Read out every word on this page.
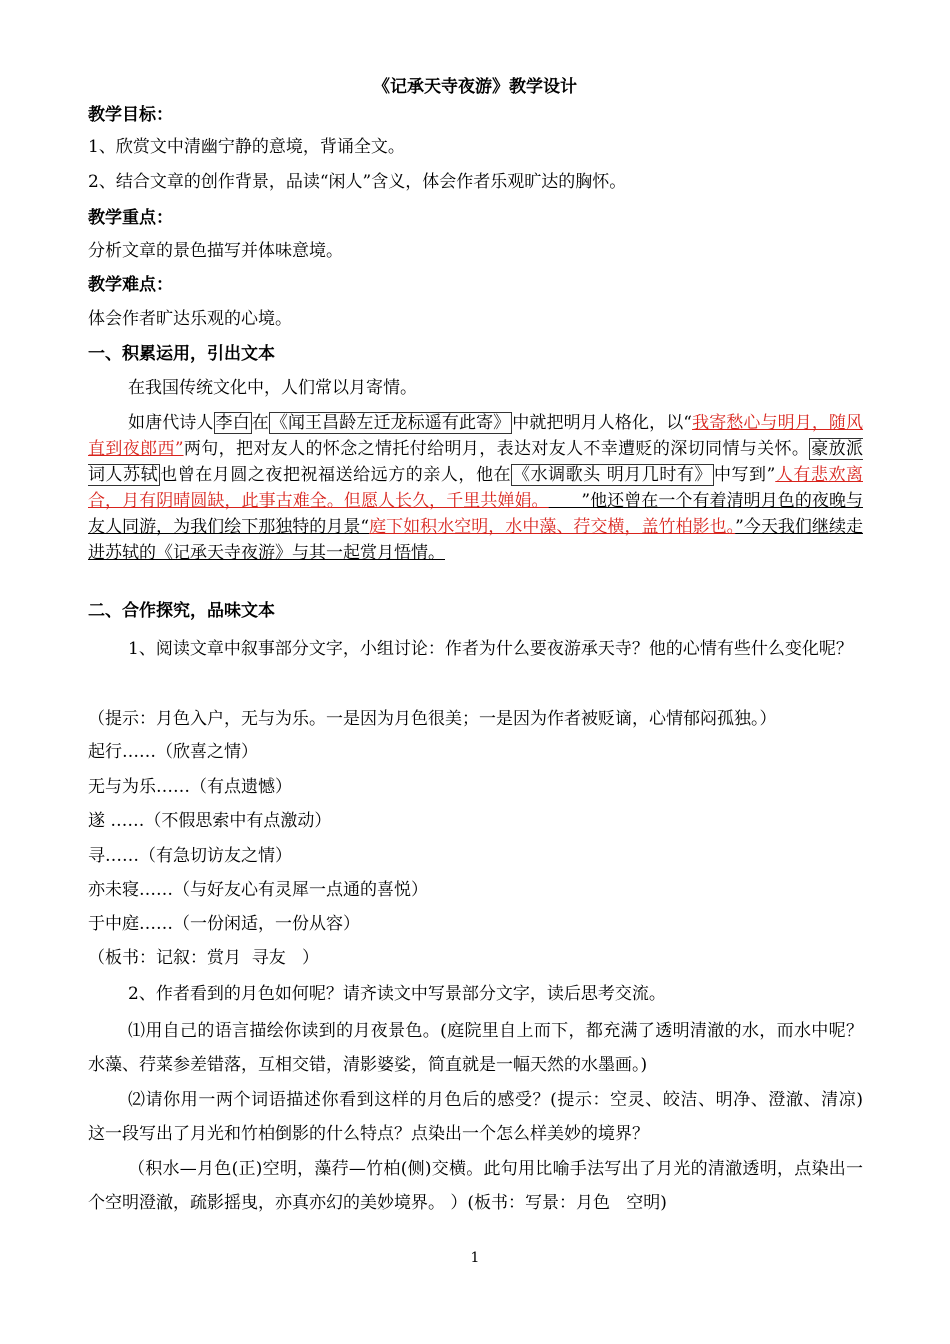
《记承天寺夜游》教学设计
教学目标：
1、欣赏文中清幽宁静的意境，背诵全文。
2、结合文章的创作背景，品读“闲人”含义，体会作者乐观旷达的胸怀。
教学重点：
分析文章的景色描写并体味意境。
教学难点：
体会作者旷达乐观的心境。
一、积累运用，引出文本
在我国传统文化中，人们常以月寄情。

如唐代诗人 李白 在 《闻王昌龄左迁龙标遥有此寄》 中就把明月人格化，以“我寄愁心与明月，随风直到夜郎西”两句，把对友人的怀念之情托付给明月，表达对友人不幸遭贬的深切同情与关怀。 豪放派词人苏轼 也曾在月圆之夜把祝福送给远方的亲人，他在 《水调歌头 明月几时有》 中写到”人有悲欢离合，月有阴晴圆缺，此事古难全。但愿人长久，千里共婵娟。      ”他还曾在一个有着清明月色的夜晚与友人同游，为我们绘下那独特的月景“庭下如积水空明，水中藻、荇交横，盖竹柏影也。”今天我们继续走进苏轼的《记承天寺夜游》与其一起赏月悟情。

二、合作探究，品味文本

1、阅读文章中叙事部分文字，小组讨论：作者为什么要夜游承天寺？他的心情有些什么变化呢？

（提示：月色入户，无与为乐。一是因为月色很美；一是因为作者被贬谪，心情郁闷孤独。）
起行……（欣喜之情）
无与为乐……（有点遗憾）
遂 ……（不假思索中有点激动）
寻……（有急切访友之情）
亦未寝……（与好友心有灵犀一点通的喜悦）
于中庭……（一份闲适，一份从容）
（板书：记叙：赏月  寻友   ）
2、作者看到的月色如何呢？请齐读文中写景部分文字，读后思考交流。

⑴用自己的语言描绘你读到的月夜景色。(庭院里自上而下，都充满了透明清澈的水，而水中呢？水藻、荇菜参差错落，互相交错，清影婆娑，简直就是一幅天然的水墨画。)

⑵请你用一两个词语描述你看到这样的月色后的感受？(提示：空灵、皎洁、明净、澄澈、清凉)  这一段写出了月光和竹柏倒影的什么特点？点染出一个怎么样美妙的境界？

（积水—月色(正)空明，藻荇—竹柏(侧)交横。此句用比喻手法写出了月光的清澈透明，点染出一个空明澄澈，疏影摇曳，亦真亦幻的美妙境界。 ）(板书：写景：月色   空明)

1
